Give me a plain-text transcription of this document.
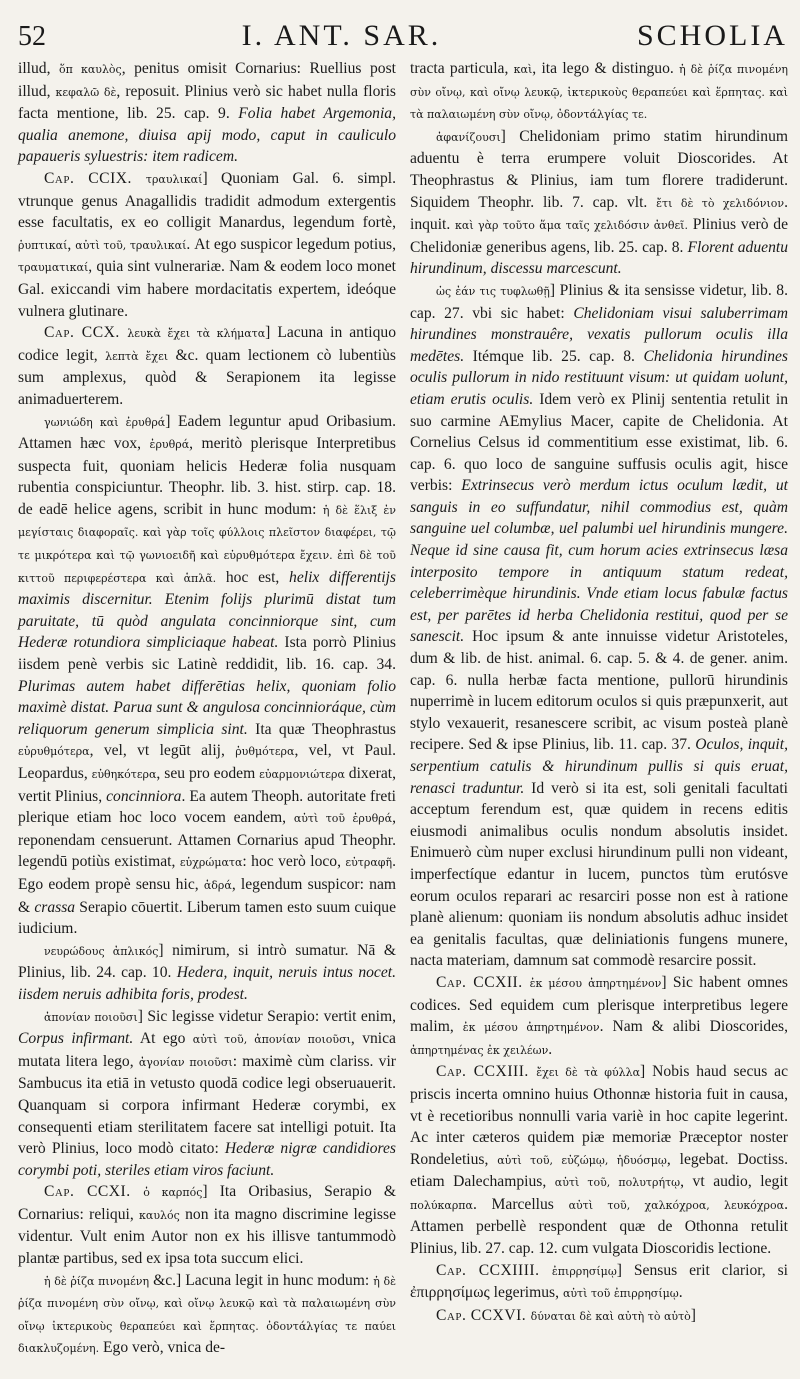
52	I. ANT. SAR.	SCHOLIA

illud, ὅπ καυλὸς, penitus omisit Cornarius: Ruellius post illud, κεφαλῶ δὲ, reposuit. Plinius verò sic habet nulla floris facta mentione, lib. 25. cap. 9. Folia habet Argemonia, qualia anemone, diuisa apij modo, caput in cauliculo papaueris syluestris: item radicem.

Cap. CCIX. τραυλικαί] Quoniam Gal. 6. simpl. vtrunque genus Anagallidis tradidit admodum extergentis esse facultatis, ex eo colligit Manardus, legendum fortè, ῥυπτικαί, αὐτὶ τοῦ, τραυλικαί. At ego suspicor legedum potius, τραυματικαί, quia sint vulnerariæ. Nam & eodem loco monet Gal. exiccandi vim habere mordacitatis expertem, ideóque vulnera glutinare.

Cap. CCX. λευκὰ ἔχει τὰ κλήματα] Lacuna in antiquo codice legit, λεπτὰ ἔχει &c. quam lectionem cò lubentiùs sum amplexus, quòd & Serapionem ita legisse animaduerterem.

γωνιώδη καὶ ἐρυθρά] Eadem leguntur apud Oribasium. Attamen hæc vox, ἐρυθρά, meritò plerisque Interpretibus suspecta fuit, quoniam helicis Hederæ folia nusquam rubentia conspiciuntur. Theophr. lib. 3. hist. stirp. cap. 18. de eadē helice agens, scribit in hunc modum: ἡ δὲ ἕλιξ ἐν μεγίσταις διαφοραῖς. καὶ γὰρ τοῖς φύλλοις πλεῖστον διαφέρει, τῷ τε μικρότερα καὶ τῷ γωνιοειδῆ καὶ εὐρυθμότερα ἔχειν. ἐπὶ δὲ τοῦ κιττοῦ περιφερέστερα καὶ ἁπλᾶ. hoc est, helix differentijs maximis discernitur. Etenim folijs plurimū distat tum paruitate, tū quòd angulata concinniorque sint, cum Hederæ rotundiora simpliciaque habeat. Ista porrò Plinius iisdem penè verbis sic Latinè reddidit, lib. 16. cap. 34. Plurimas autem habet differētias helix, quoniam folio maximè distat. Parua sunt & angulosa concinnioráque, cùm reliquorum generum simplicia sint. Ita quæ Theophrastus εὐρυθμότερα, vel, vt legūt alij, ῥυθμότερα, vel, vt Paul. Leopardus, εὐθηκότερα, seu pro eodem εὐαρμονιώτερα dixerat, vertit Plinius, concinniora. Ea autem Theoph. autoritate freti plerique etiam hoc loco vocem eandem, αὐτὶ τοῦ ἐρυθρά, reponendam censuerunt. Attamen Cornarius apud Theophr. legendū potiùs existimat, εὐχρώματα: hoc verò loco, εὐτραφῆ. Ego eodem propè sensu hic, ἁδρά, legendum suspicor: nam & crassa Serapio cōuertit. Liberum tamen esto suum cuique iudicium.

νευρώδους ἀπλικός] nimirum, si intrò sumatur. Nā & Plinius, lib. 24. cap. 10. Hedera, inquit, neruis intus nocet. iisdem neruis adhibita foris, prodest.

ἀπονίαν ποιοῦσι] Sic legisse videtur Serapio: vertit enim, Corpus infirmant. At ego αὐτὶ τοῦ, ἀπονίαν ποιοῦσι, vnica mutata litera lego, ἀγονίαν ποιοῦσι: maximè cùm clariss. vir Sambucus ita etiā in vetusto quodā codice legi obseruauerit. Quanquam si corpora infirmant Hederæ corymbi, ex consequenti etiam sterilitatem facere sat intelligi potuit. Ita verò Plinius, loco modò citato: Hederæ nigræ candidiores corymbi poti, steriles etiam viros faciunt.

Cap. CCXI. ὁ καρπός] Ita Oribasius, Serapio & Cornarius: reliqui, καυλός non ita magno discrimine legisse videntur. Vult enim Autor non ex his illisve tantummodò plantæ partibus, sed ex ipsa tota succum elici.

ἡ δὲ ῥίζα πινομένη &c.] Lacuna legit in hunc modum: ἡ δὲ ῥίζα πινομένη σὺν οἴνῳ, καὶ οἴνῳ λευκῷ καὶ τὰ παλαιωμένη σὺν οἴνῳ ἰκτερικοὺς θεραπεύει καὶ ἕρπητας. ὀδοντάλγίας τε παύει διακλυζομένη. Ego verò, vnica de-

tracta particula, καὶ, ita lego & distinguo. ἡ δὲ ῥίζα πινομένη σὺν οἴνῳ, καὶ οἴνῳ λευκῷ, ἰκτερικοὺς θεραπεύει καὶ ἕρπητας. καὶ τὰ παλαιωμένη σὺν οἴνῳ, ὀδοντάλγίας τε.

ἀφανίζουσι] Chelidoniam primo statim hirundinum aduentu è terra erumpere voluit Dioscorides. At Theophrastus & Plinius, iam tum florere tradiderunt. Siquidem Theophr. lib. 7. cap. vlt. ἔτι δὲ τὸ χελιδόνιον. inquit. καὶ γὰρ τοῦτο ἅμα ταῖς χελιδόσιν ἀνθεῖ. Plinius verò de Chelidoniæ generibus agens, lib. 25. cap. 8. Florent aduentu hirundinum, discessu marcescunt.

ὡς ἐάν τις τυφλωθῇ] Plinius & ita sensisse videtur, lib. 8. cap. 27. vbi sic habet: Chelidoniam visui saluberrimam hirundines monstrauêre, vexatis pullorum oculis illa medētes. Itémque lib. 25. cap. 8. Chelidonia hirundines oculis pullorum in nido restituunt visum: ut quidam uolunt, etiam erutis oculis. Idem verò ex Plinij sententia retulit in suo carmine AEmylius Macer, capite de Chelidonia. At Cornelius Celsus id commentitium esse existimat, lib. 6. cap. 6. quo loco de sanguine suffusis oculis agit, hisce verbis: Extrinsecus verò merdum ictus oculum lædit, ut sanguis in eo suffundatur, nihil commodius est, quàm sanguine uel columbæ, uel palumbi uel hirundinis mungere. Neque id sine causa fit, cum horum acies extrinsecus læsa interposito tempore in antiquum statum redeat, celeberrimèque hirundinis. Vnde etiam locus fabulæ factus est, per parētes id herba Chelidonia restitui, quod per se sanescit. Hoc ipsum & ante innuisse videtur Aristoteles, dum & lib. de hist. animal. 6. cap. 5. & 4. de gener. anim. cap. 6. nulla herbæ facta mentione, pullorū hirundinis nuperrimè in lucem editorum oculos si quis præpunxerit, aut stylo vexauerit, resanescere scribit, ac visum posteà planè recipere. Sed & ipse Plinius, lib. 11. cap. 37. Oculos, inquit, serpentium catulis & hirundinum pullis si quis eruat, renasci traduntur. Id verò si ita est, soli genitali facultati acceptum ferendum est, quæ quidem in recens editis eiusmodi animalibus oculis nondum absolutis insidet. Enimuerò cùm nuper exclusi hirundinum pulli non videant, imperfectíque edantur in lucem, punctos tùm erutósve eorum oculos reparari ac resarciri posse non est à ratione planè alienum: quoniam iis nondum absolutis adhuc insidet ea genitalis facultas, quæ deliniationis fungens munere, nacta materiam, damnum sat commodè resarcire possit.

Cap. CCXII. ἐκ μέσου ἀπηρτημένον] Sic habent omnes codices. Sed equidem cum plerisque interpretibus legere malim, ἐκ μέσου ἀπηρτημένον. Nam & alibi Dioscorides, ἀπηρτημένας ἐκ χειλέων.

Cap. CCXIII. ἔχει δὲ τὰ φύλλα] Nobis haud secus ac priscis incerta omnino huius Othonnæ historia fuit in causa, vt è recetioribus nonnulli varia variè in hoc capite legerint. Ac inter cæteros quidem piæ memoriæ Præceptor noster Rondeletius, αὐτὶ τοῦ, εὐζώμῳ, ἡδυόσμῳ, legebat. Doctiss. etiam Dalechampius, αὐτὶ τοῦ, πολυτρήτῳ, vt audio, legit πολύκαρπα. Marcellus αὐτὶ τοῦ, χαλκόχροα, λευκόχροα. Attamen perbellè respondent quæ de Othonna retulit Plinius, lib. 27. cap. 12. cum vulgata Dioscoridis lectione.

Cap. CCXIIII. ἐπιρρησίμῳ] Sensus erit clarior, si ἐπιρρησίμως legerimus, αὐτὶ τοῦ ἐπιρρησίμῳ.

Cap. CCXVI. δύναται δὲ καὶ αὐτὴ τὸ αὐτὸ]
